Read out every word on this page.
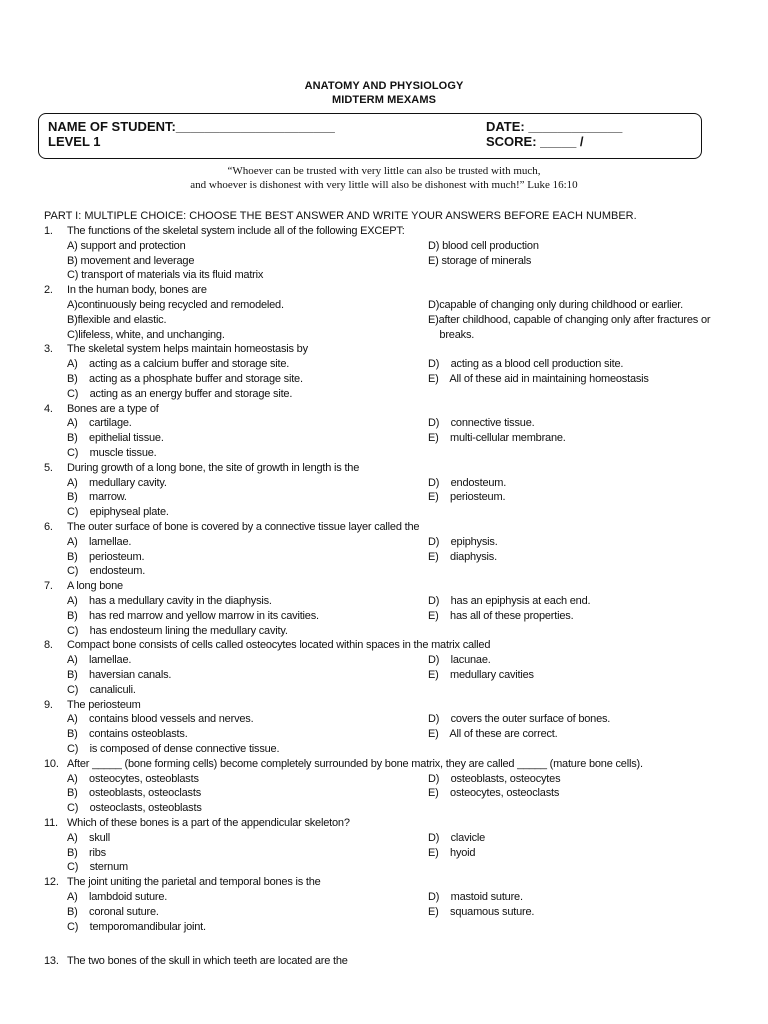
ANATOMY AND PHYSIOLOGY
MIDTERM MEXAMS
NAME OF STUDENT:______________________
LEVEL 1
DATE: _____________
SCORE: _____ /
“Whoever can be trusted with very little can also be trusted with much,
and whoever is dishonest with very little will also be dishonest with much!” Luke 16:10
PART I: MULTIPLE CHOICE: CHOOSE THE BEST ANSWER AND WRITE YOUR ANSWERS BEFORE EACH NUMBER.
1. The functions of the skeletal system include all of the following EXCEPT:
A) support and protection	D) blood cell production
B) movement and leverage	E) storage of minerals
C) transport of materials via its fluid matrix
2. In the human body, bones are
A)continuously being recycled and remodeled.	D)capable of changing only during childhood or earlier.
B)flexible and elastic.	E)after childhood, capable of changing only after fractures or
C)lifeless, white, and unchanging.	breaks.
3. The skeletal system helps maintain homeostasis by
A)    acting as a calcium buffer and storage site.	D)    acting as a blood cell production site.
B)    acting as a phosphate buffer and storage site.	E)    All of these aid in maintaining homeostasis
C)    acting as an energy buffer and storage site.
4. Bones are a type of
A)    cartilage.	D)    connective tissue.
B)    epithelial tissue.	E)    multi-cellular membrane.
C)    muscle tissue.
5. During growth of a long bone, the site of growth in length is the
A)    medullary cavity.	D)    endosteum.
B)    marrow.	E)    periosteum.
C)    epiphyseal plate.
6. The outer surface of bone is covered by a connective tissue layer called the
A)    lamellae.	D)    epiphysis.
B)    periosteum.	E)    diaphysis.
C)    endosteum.
7. A long bone
A)    has a medullary cavity in the diaphysis.	D)    has an epiphysis at each end.
B)    has red marrow and yellow marrow in its cavities.	E)    has all of these properties.
C)    has endosteum lining the medullary cavity.
8. Compact bone consists of cells called osteocytes located within spaces in the matrix called
A)    lamellae.	D)    lacunae.
B)    haversian canals.	E)    medullary cavities
C)    canaliculi.
9. The periosteum
A)    contains blood vessels and nerves.	D)    covers the outer surface of bones.
B)    contains osteoblasts.	E)    All of these are correct.
C)    is composed of dense connective tissue.
10. After _____ (bone forming cells) become completely surrounded by bone matrix, they are called _____ (mature bone cells).
A)    osteocytes, osteoblasts	D)    osteoblasts, osteocytes
B)    osteoblasts, osteoclasts	E)    osteocytes, osteoclasts
C)    osteoclasts, osteoblasts
11. Which of these bones is a part of the appendicular skeleton?
A)    skull	D)    clavicle
B)    ribs	E)    hyoid
C)    sternum
12. The joint uniting the parietal and temporal bones is the
A)    lambdoid suture.	D)    mastoid suture.
B)    coronal suture.	E)    squamous suture.
C)    temporomandibular joint.
13. The two bones of the skull in which teeth are located are the
